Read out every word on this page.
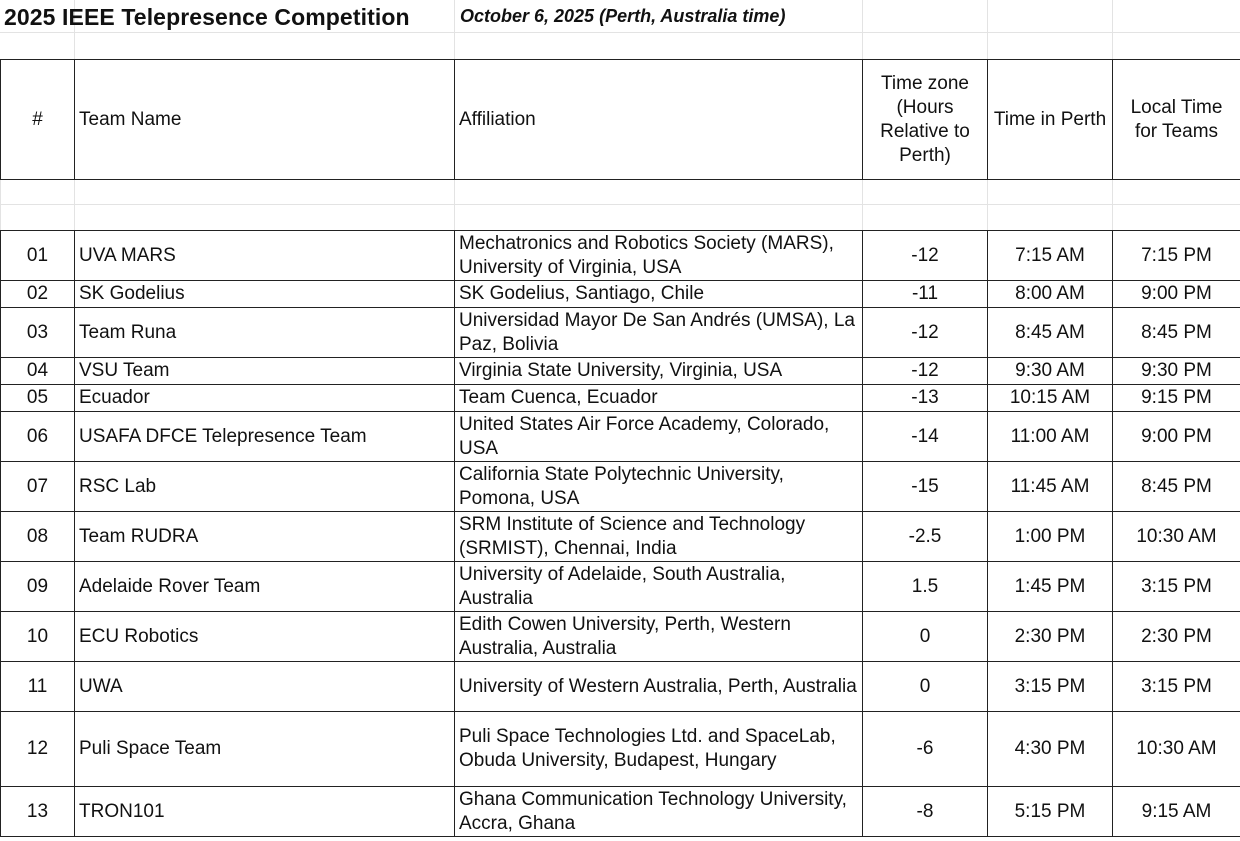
2025 IEEE Telepresence Competition	October 6, 2025 (Perth, Australia time)
#	Team Name	Affiliation	Time zone (Hours Relative to Perth)	Time in Perth	Local Time for Teams

01	UVA MARS	Mechatronics and Robotics Society (MARS), University of Virginia, USA	-12	7:15 AM	7:15 PM
02	SK Godelius	SK Godelius, Santiago, Chile	-11	8:00 AM	9:00 PM
03	Team Runa	Universidad Mayor De San Andrés (UMSA), La Paz, Bolivia	-12	8:45 AM	8:45 PM
04	VSU Team	Virginia State University, Virginia, USA	-12	9:30 AM	9:30 PM
05	Ecuador	Team Cuenca, Ecuador	-13	10:15 AM	9:15 PM
06	USAFA DFCE Telepresence Team	United States Air Force Academy, Colorado, USA	-14	11:00 AM	9:00 PM
07	RSC Lab	California State Polytechnic University, Pomona, USA	-15	11:45 AM	8:45 PM
08	Team RUDRA	SRM Institute of Science and Technology (SRMIST), Chennai, India	-2.5	1:00 PM	10:30 AM
09	Adelaide Rover Team	University of Adelaide, South Australia, Australia	1.5	1:45 PM	3:15 PM
10	ECU Robotics	Edith Cowen University, Perth, Western Australia, Australia	0	2:30 PM	2:30 PM
11	UWA	University of Western Australia, Perth, Australia	0	3:15 PM	3:15 PM
12	Puli Space Team	Puli Space Technologies Ltd. and SpaceLab, Obuda University, Budapest, Hungary	-6	4:30 PM	10:30 AM
13	TRON101	Ghana Communication Technology University, Accra, Ghana	-8	5:15 PM	9:15 AM
